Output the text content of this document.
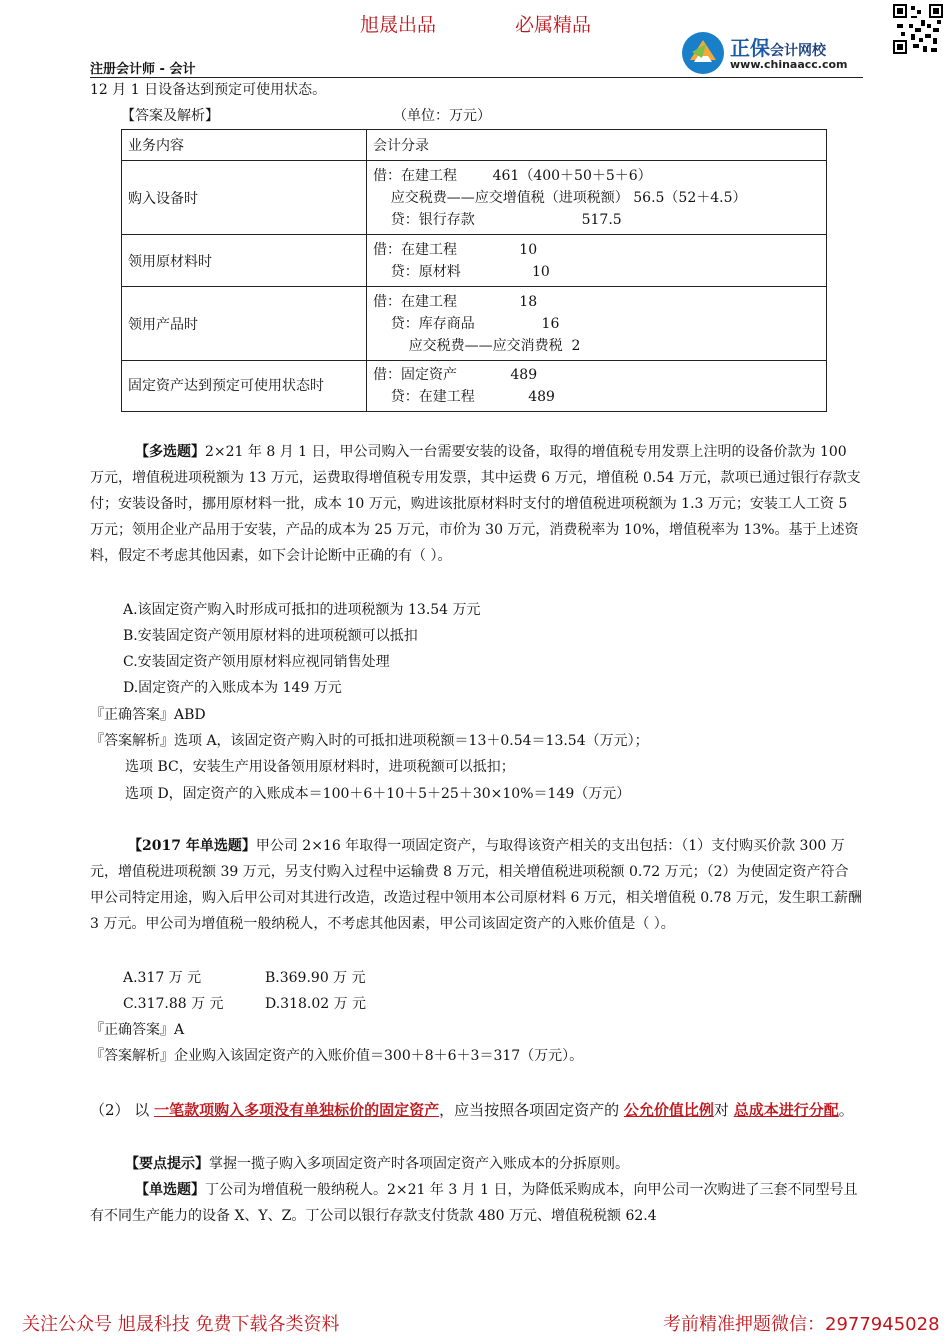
旭晟出品	必属精品
正保会计网校
www.chinaacc.com
注册会计师 - 会计
12 月 1 日设备达到预定可使用状态。
【答案及解析】	（单位：万元）
业务内容	会计分录
购入设备时	借：在建工程        461（400＋50＋5＋6）
应交税费——应交增值税（进项税额） 56.5（52＋4.5）
贷：银行存款                        517.5

领用原材料时	借：在建工程              10
贷：原材料                10

领用产品时	借：在建工程              18
贷：库存商品               16
应交税费——应交消费税  2

固定资产达到预定可使用状态时	借：固定资产            489
贷：在建工程            489
【多选题】2×21 年 8 月 1 日，甲公司购入一台需要安装的设备，取得的增值税专用发票上注明的设备价款为 100 万元，增值税进项税额为 13 万元，运费取得增值税专用发票，其中运费 6 万元，增值税 0.54 万元，款项已通过银行存款支付；安装设备时，挪用原材料一批，成本 10 万元，购进该批原材料时支付的增值税进项税额为 1.3 万元；安装工人工资 5 万元；领用企业产品用于安装，产品的成本为 25 万元，市价为 30 万元，消费税率为 10%，增值税率为 13%。基于上述资料，假定不考虑其他因素，如下会计论断中正确的有（ ）。
A.该固定资产购入时形成可抵扣的进项税额为 13.54 万元
B.安装固定资产领用原材料的进项税额可以抵扣
C.安装固定资产领用原材料应视同销售处理
D.固定资产的入账成本为 149 万元
『正确答案』ABD
『答案解析』选项 A，该固定资产购入时的可抵扣进项税额＝13＋0.54＝13.54（万元）；
选项 BC，安装生产用设备领用原材料时，进项税额可以抵扣；
选项 D，固定资产的入账成本＝100＋6＋10＋5＋25＋30×10%＝149（万元）
【2017 年单选题】甲公司 2×16 年取得一项固定资产，与取得该资产相关的支出包括：（1）支付购买价款 300 万元，增值税进项税额 39 万元，另支付购入过程中运输费 8 万元，相关增值税进项税额 0.72 万元；（2）为使固定资产符合甲公司特定用途，购入后甲公司对其进行改造，改造过程中领用本公司原材料 6 万元，相关增值税 0.78 万元，发生职工薪酬 3 万元。甲公司为增值税一般纳税人，不考虑其他因素，甲公司该固定资产的入账价值是（ ）。
A.317 万 元	B.369.90 万 元
C.317.88 万 元	D.318.02 万 元
『正确答案』A
『答案解析』企业购入该固定资产的入账价值＝300＋8＋6＋3＝317（万元）。
（2） 以 一笔款项购入多项没有单独标价的固定资产，应当按照各项固定资产的 公允价值比例对 总成本进行分配。
【要点提示】掌握一揽子购入多项固定资产时各项固定资产入账成本的分拆原则。
【单选题】丁公司为增值税一般纳税人。2×21 年 3 月 1 日，为降低采购成本，向甲公司一次购进了三套不同型号且有不同生产能力的设备 X、Y、Z。丁公司以银行存款支付货款 480 万元、增值税税额 62.4
关注公众号 旭晟科技 免费下载各类资料	考前精准押题微信：2977945028
